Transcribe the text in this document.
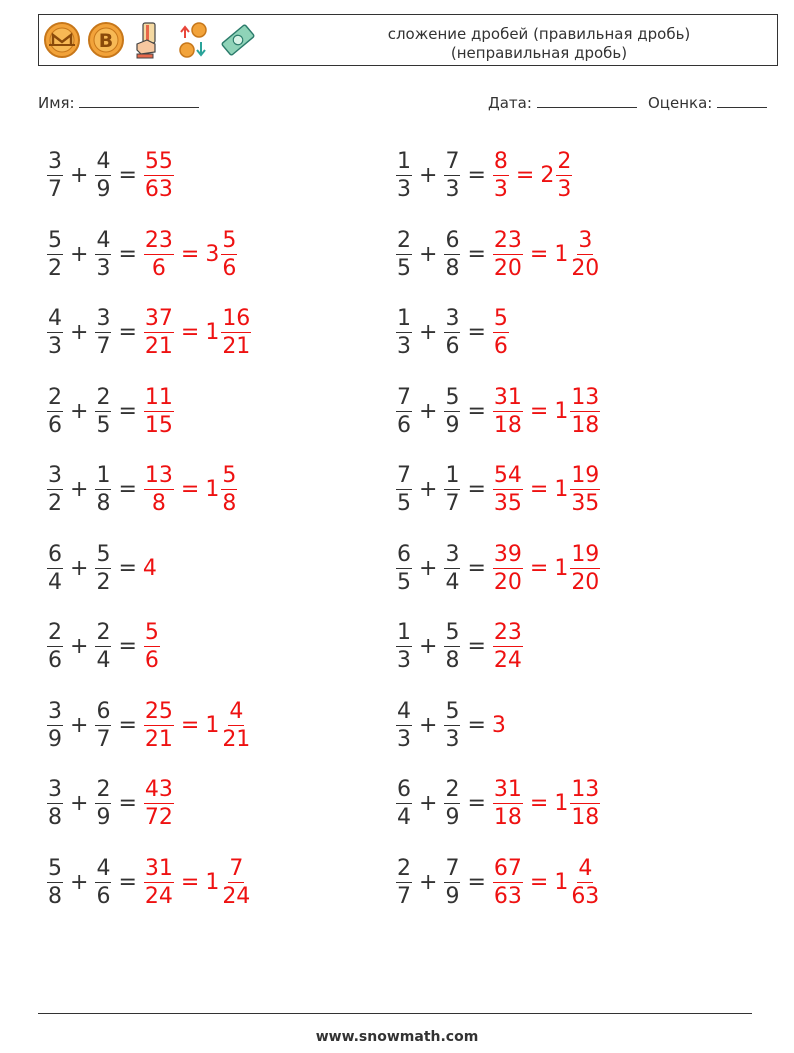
B	сложение дробей (правильная дробь)
(неправильная дробь)
Имя:	Дата:	Оценка:
$\frac{3}{7} + \frac{4}{9} = \frac{55}{63}$	$\frac{1}{3} + \frac{7}{3} = \frac{8}{3} = 2 \frac{2}{3}$
$\frac{5}{2} + \frac{4}{3} = \frac{23}{6} = 3 \frac{5}{6}$	$\frac{2}{5} + \frac{6}{8} = \frac{23}{20} = 1 \frac{3}{20}$
$\frac{4}{3} + \frac{3}{7} = \frac{37}{21} = 1 \frac{16}{21}$	$\frac{1}{3} + \frac{3}{6} = \frac{5}{6}$
$\frac{2}{6} + \frac{2}{5} = \frac{11}{15}$	$\frac{7}{6} + \frac{5}{9} = \frac{31}{18} = 1 \frac{13}{18}$
$\frac{3}{2} + \frac{1}{8} = \frac{13}{8} = 1 \frac{5}{8}$	$\frac{7}{5} + \frac{1}{7} = \frac{54}{35} = 1 \frac{19}{35}$
$\frac{6}{4} + \frac{5}{2} = 4$	$\frac{6}{5} + \frac{3}{4} = \frac{39}{20} = 1 \frac{19}{20}$
$\frac{2}{6} + \frac{2}{4} = \frac{5}{6}$	$\frac{1}{3} + \frac{5}{8} = \frac{23}{24}$
$\frac{3}{9} + \frac{6}{7} = \frac{25}{21} = 1 \frac{4}{21}$	$\frac{4}{3} + \frac{5}{3} = 3$
$\frac{3}{8} + \frac{2}{9} = \frac{43}{72}$	$\frac{6}{4} + \frac{2}{9} = \frac{31}{18} = 1 \frac{13}{18}$
$\frac{5}{8} + \frac{4}{6} = \frac{31}{24} = 1 \frac{7}{24}$	$\frac{2}{7} + \frac{7}{9} = \frac{67}{63} = 1 \frac{4}{63}$
www.snowmath.com
